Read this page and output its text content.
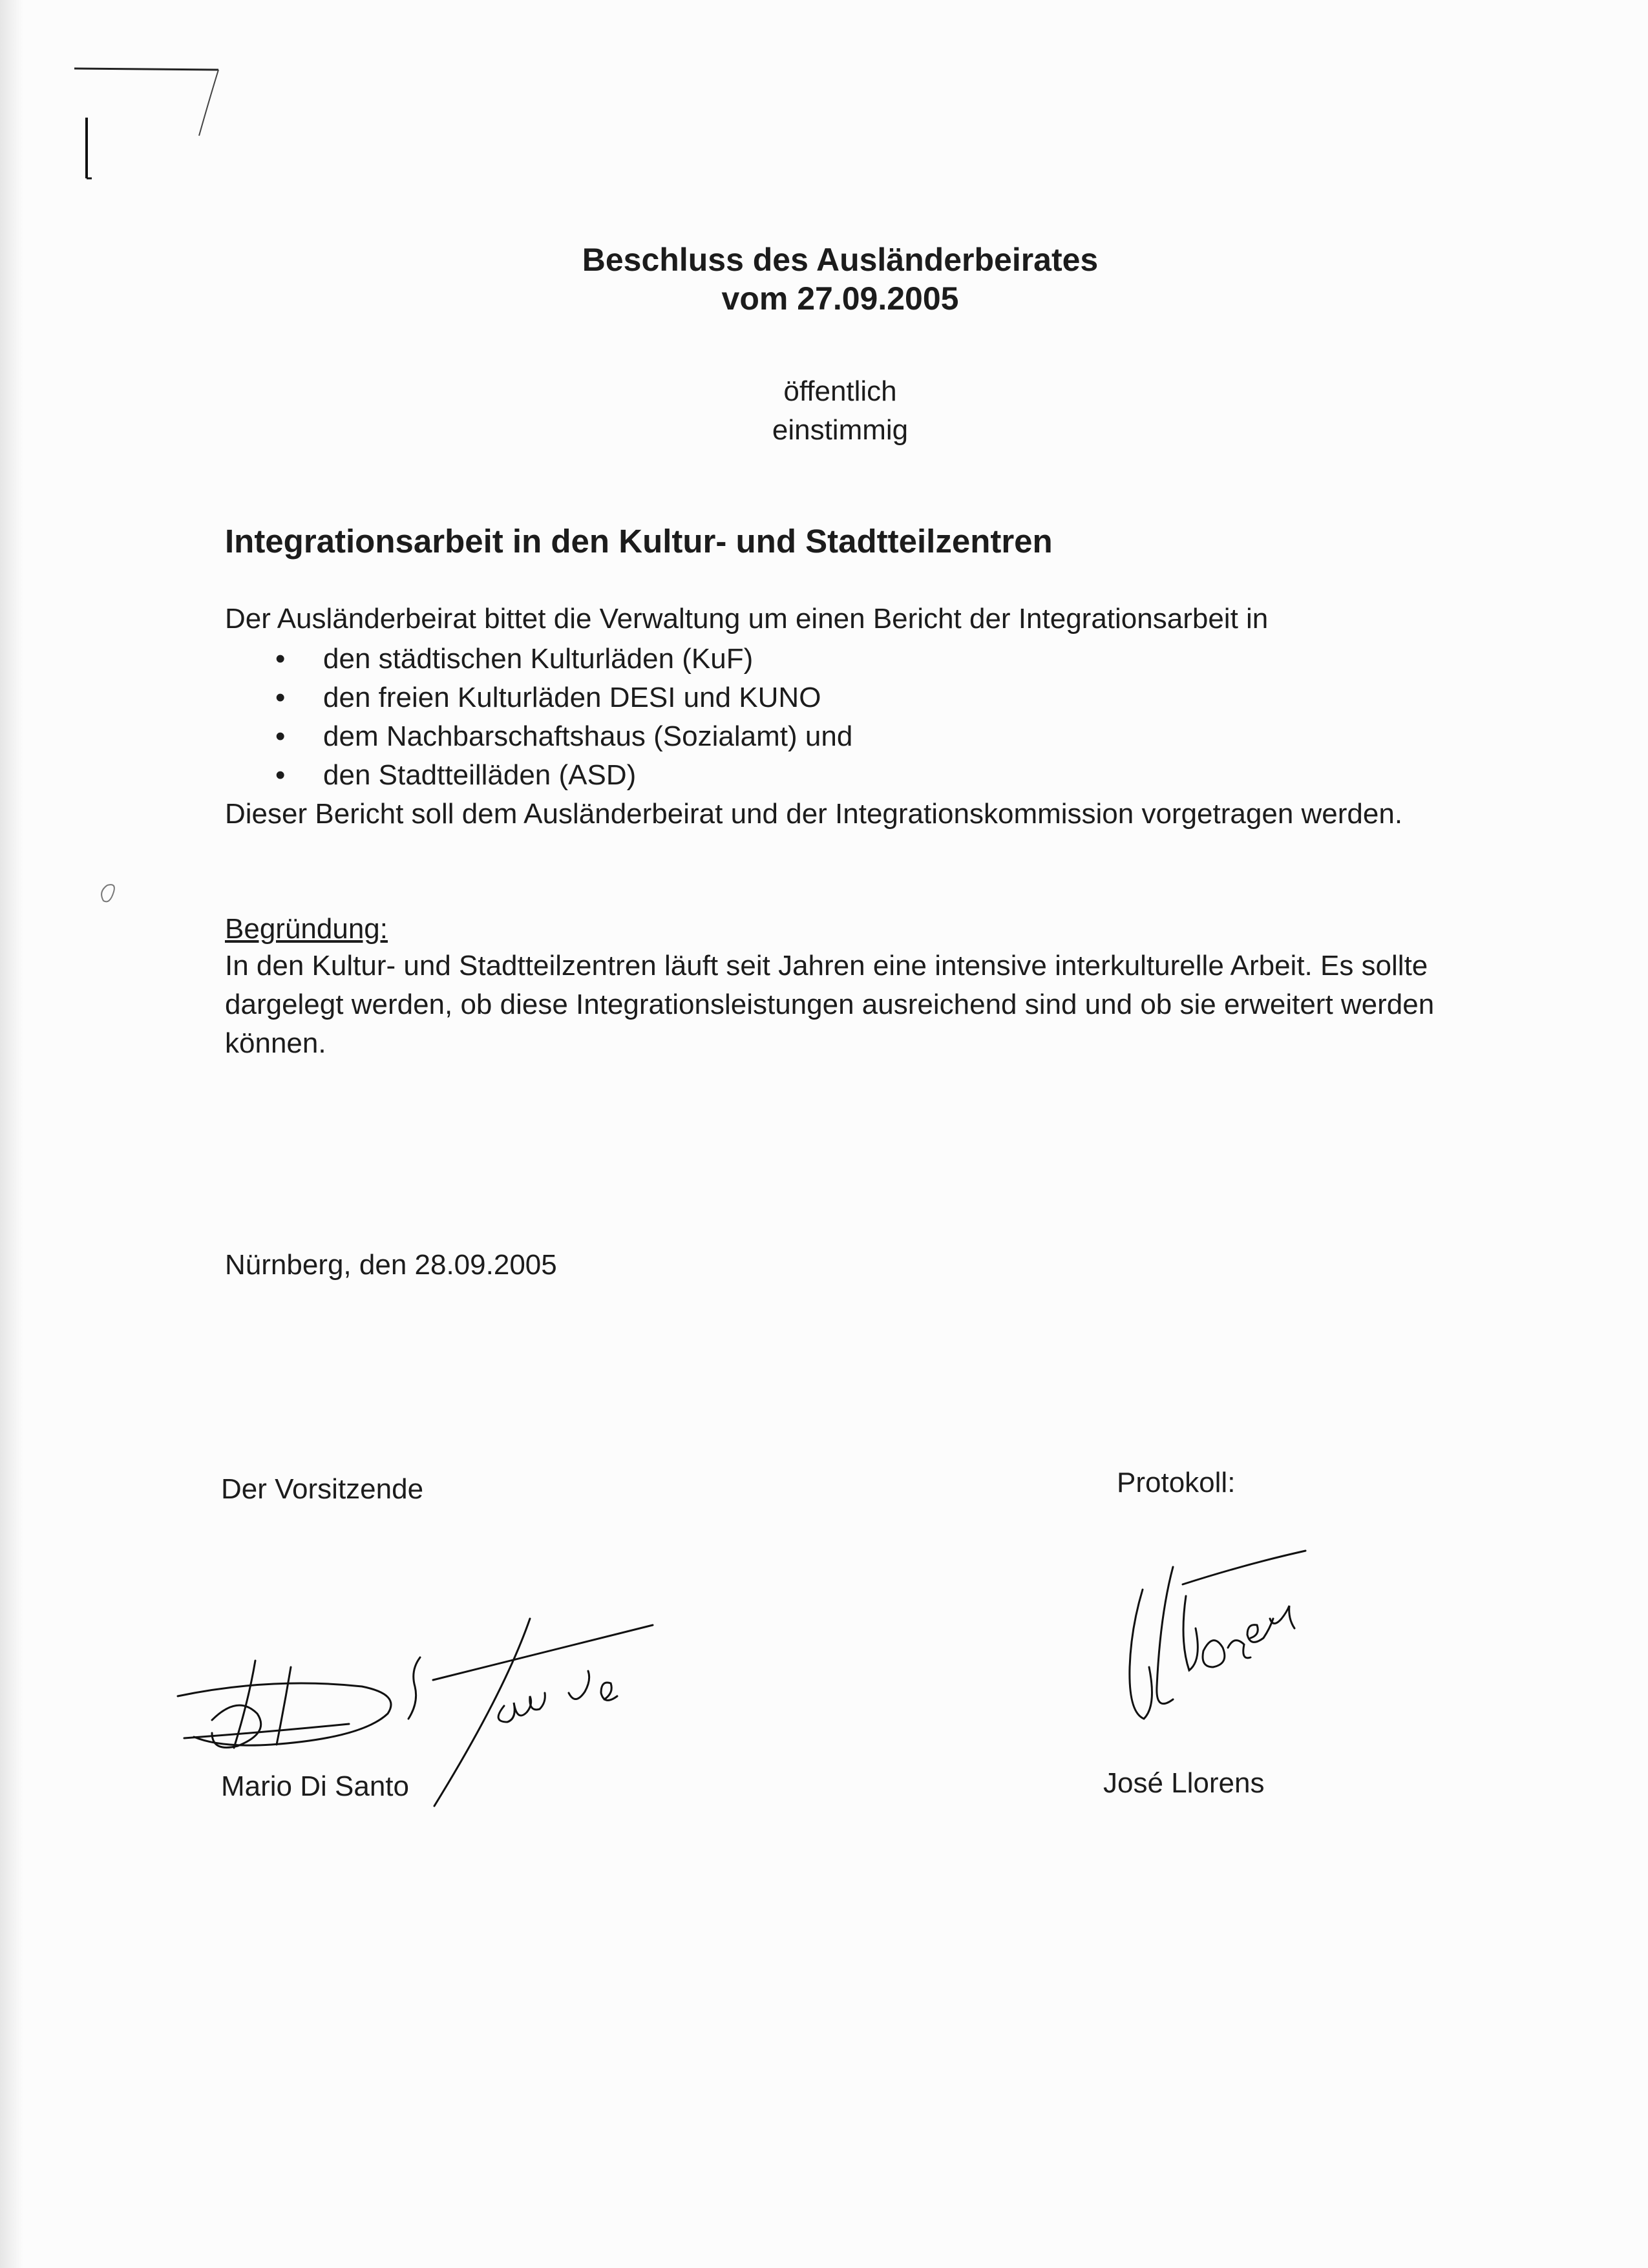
Beschluss des Ausländerbeirates
vom 27.09.2005
öffentlich
einstimmig
Integrationsarbeit in den Kultur- und Stadtteilzentren
Der Ausländerbeirat bittet die Verwaltung um einen Bericht der Integrationsarbeit in
• den städtischen Kulturläden (KuF)
• den freien Kulturläden DESI und KUNO
• dem Nachbarschaftshaus (Sozialamt) und
• den Stadtteilläden (ASD)
Dieser Bericht soll dem Ausländerbeirat und der Integrationskommission vorgetragen werden.
Begründung:
In den Kultur- und Stadtteilzentren läuft seit Jahren eine intensive interkulturelle Arbeit. Es sollte dargelegt werden, ob diese Integrationsleistungen ausreichend sind und ob sie erweitert werden können.
Nürnberg, den 28.09.2005
Der Vorsitzende	Protokoll:
Mario Di Santo	José Llorens
